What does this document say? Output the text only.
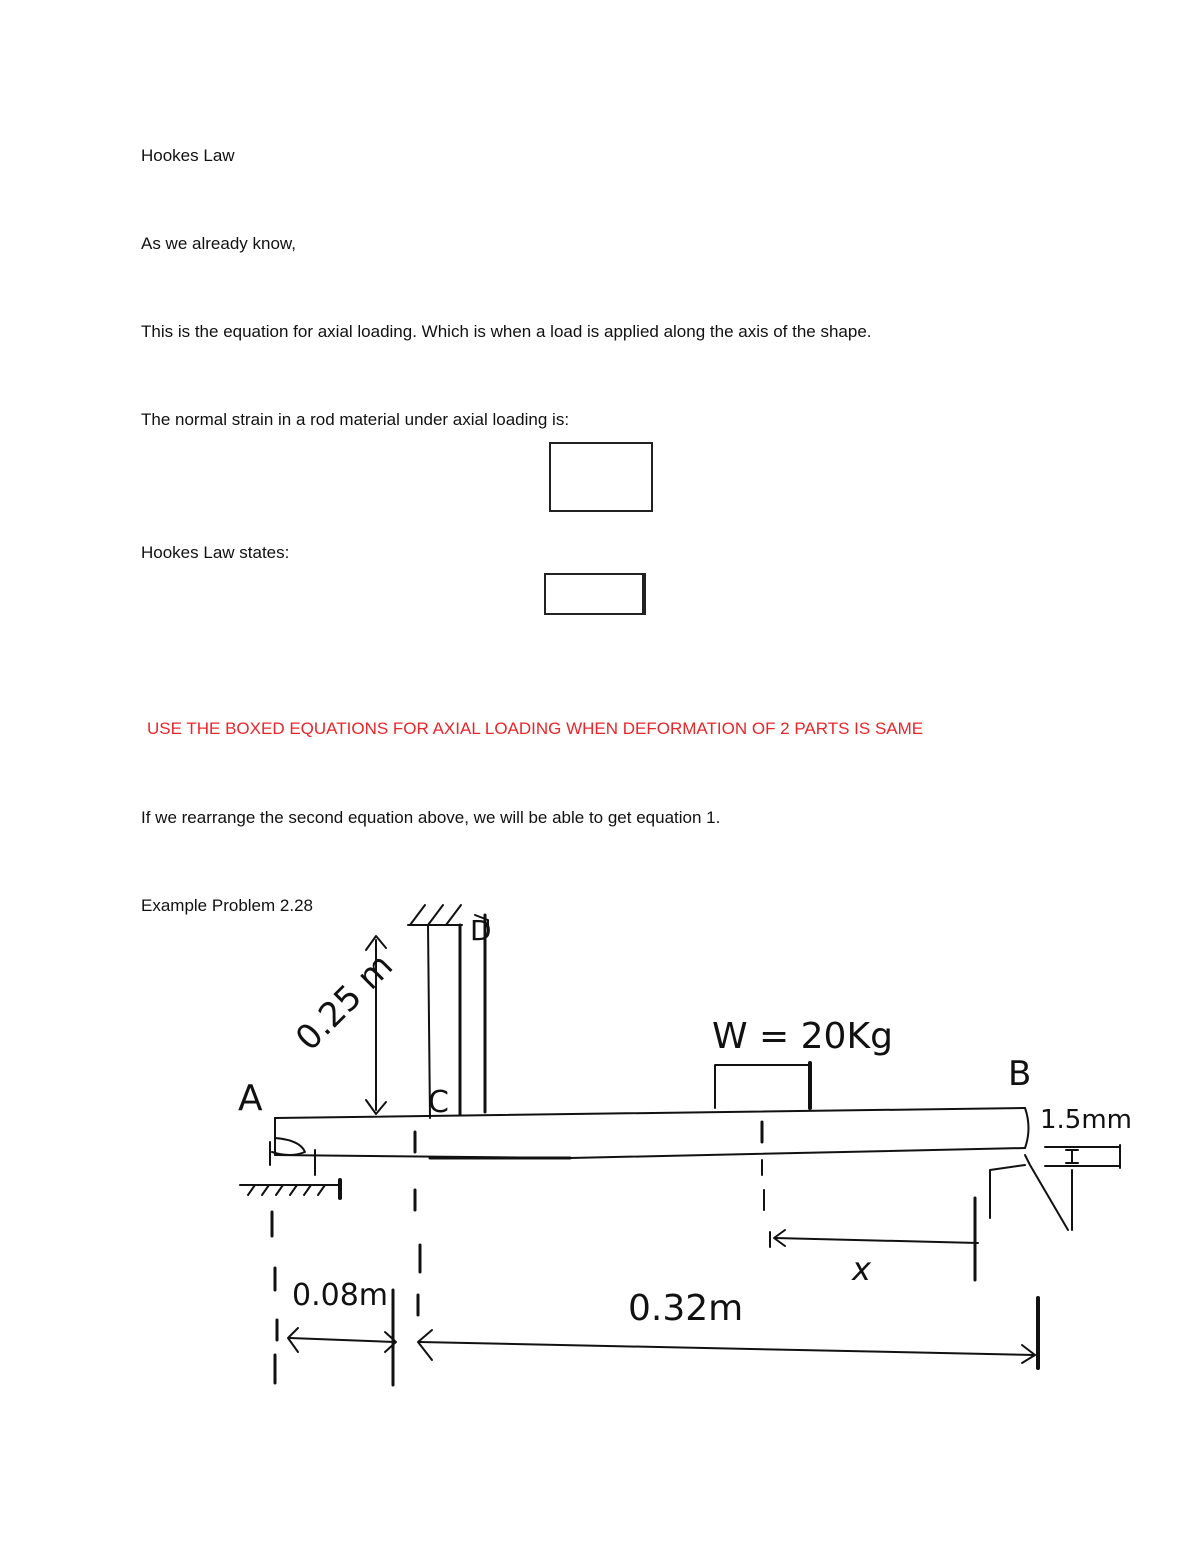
Hookes Law
As we already know,
This is the equation for axial loading. Which is when a load is applied along the axis of the shape.
The normal strain in a rod material under axial loading is:
Hookes Law states:
USE THE BOXED EQUATIONS FOR AXIAL LOADING WHEN DEFORMATION OF 2 PARTS IS SAME
If we rearrange the second equation above, we will be able to get equation 1.
Example Problem 2.28
A
B
C
D
0.25 m	W = 20Kg
1.5mm
x
0.08m	0.32m
